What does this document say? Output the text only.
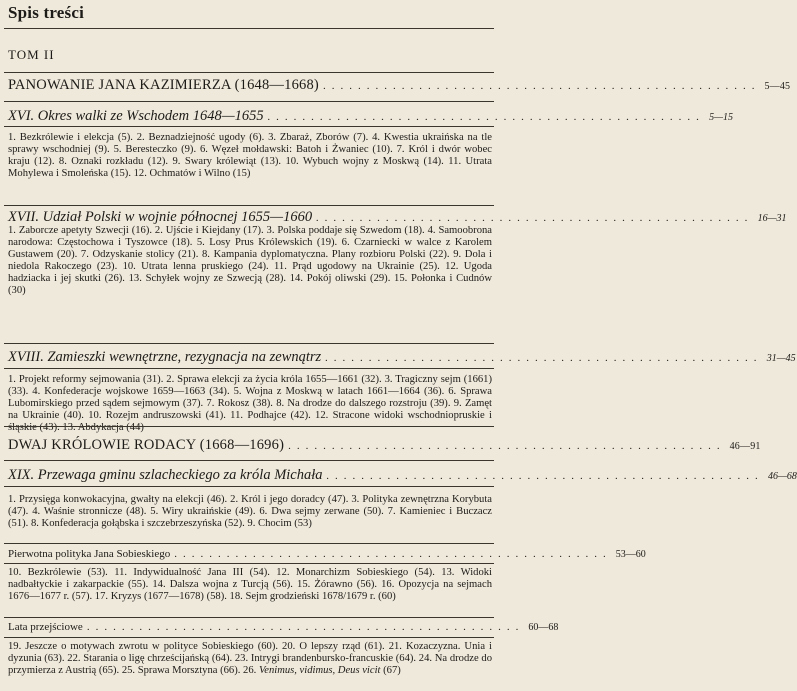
Spis treści
TOM II
PANOWANIE JANA KAZIMIERZA (1648—1668) .................................................. 5—45
XVI. Okres walki ze Wschodem 1648—1655 .................................................. 5—15
1. Bezkrólewie i elekcja (5). 2. Beznadziejność ugody (6). 3. Zbaraż, Zborów (7). 4. Kwestia ukraińska na tle sprawy wschodniej (9). 5. Beresteczko (9). 6. Węzeł mołdawski: Batoh i Żwaniec (10). 7. Król i dwór wobec kraju (12). 8. Oznaki rozkładu (12). 9. Swary królewiąt (13). 10. Wybuch wojny z Moskwą (14). 11. Utrata Mohylewa i Smoleńska (15). 12. Ochmatów i Wilno (15)
XVII. Udział Polski w wojnie północnej 1655—1660 .................................................. 16—31
1. Zaborcze apetyty Szwecji (16). 2. Ujście i Kiejdany (17). 3. Polska poddaje się Szwedom (18). 4. Samoobrona narodowa: Częstochowa i Tyszowce (18). 5. Losy Prus Królewskich (19). 6. Czarniecki w walce z Karolem Gustawem (20). 7. Odzyskanie stolicy (21). 8. Kampania dyplomatyczna. Plany rozbioru Polski (22). 9. Dola i niedola Rakoczego (23). 10. Utrata lenna pruskiego (24). 11. Prąd ugodowy na Ukrainie (25). 12. Ugoda hadziacka i jej skutki (26). 13. Schyłek wojny ze Szwecją (28). 14. Pokój oliwski (29). 15. Połonka i Cudnów (30)
XVIII. Zamieszki wewnętrzne, rezygnacja na zewnątrz .................................................. 31—45
1. Projekt reformy sejmowania (31). 2. Sprawa elekcji za życia króla 1655—1661 (32). 3. Tragiczny sejm (1661) (33). 4. Konfederacje wojskowe 1659—1663 (34). 5. Wojna z Moskwą w latach 1661—1664 (36). 6. Sprawa Lubomirskiego przed sądem sejmowym (37). 7. Rokosz (38). 8. Na drodze do dalszego rozstroju (39). 9. Zamęt na Ukrainie (40). 10. Rozejm andruszowski (41). 11. Podhajce (42). 12. Stracone widoki wschodniopruskie i śląskie (43). 13. Abdykacja (44)
DWAJ KRÓLOWIE RODACY (1668—1696) .................................................. 46—91
XIX. Przewaga gminu szlacheckiego za króla Michała .................................................. 46—68
1. Przysięga konwokacyjna, gwałty na elekcji (46). 2. Król i jego doradcy (47). 3. Polityka zewnętrzna Korybuta (47). 4. Waśnie stronnicze (48). 5. Wiry ukraińskie (49). 6. Dwa sejmy zerwane (50). 7. Kamieniec i Buczacz (51). 8. Konfederacja gołąbska i szczebrzeszyńska (52). 9. Chocim (53)
Pierwotna polityka Jana Sobieskiego .................................................. 53—60
10. Bezkrólewie (53). 11. Indywidualność Jana III (54). 12. Monarchizm Sobieskiego (54). 13. Widoki nadbałtyckie i zakarpackie (55). 14. Dalsza wojna z Turcją (56). 15. Żórawno (56). 16. Opozycja na sejmach 1676—1677 r. (57). 17. Kryzys (1677—1678) (58). 18. Sejm grodzieński 1678/1679 r. (60)
Lata przejściowe .................................................. 60—68
19. Jeszcze o motywach zwrotu w polityce Sobieskiego (60). 20. O lepszy rząd (61). 21. Kozaczyzna. Unia i dyzunia (63). 22. Starania o ligę chrześcijańską (64). 23. Intrygi brandenbursko-francuskie (64). 24. Na drodze do przymierza z Austrią (65). 25. Sprawa Morsztyna (66). 26. Venimus, vidimus, Deus vicit (67)
